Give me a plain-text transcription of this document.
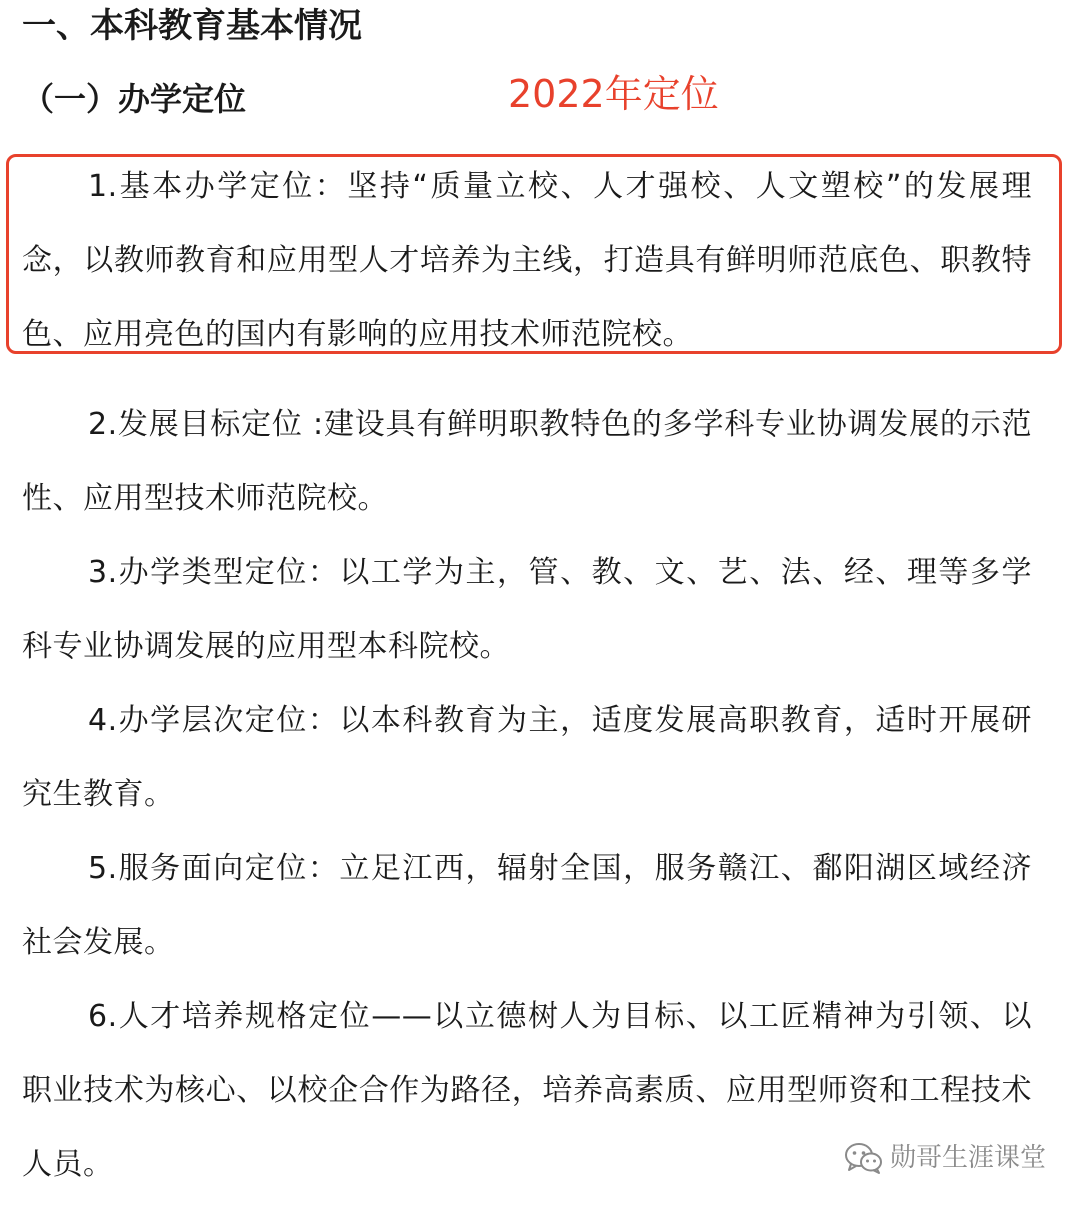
一、本科教育基本情况
（一）办学定位	2022年定位

1.基本办学定位：坚持“质量立校、人才强校、人文塑校”的发展理念，以教师教育和应用型人才培养为主线，打造具有鲜明师范底色、职教特色、应用亮色的国内有影响的应用技术师范院校。

2.发展目标定位 :建设具有鲜明职教特色的多学科专业协调发展的示范性、应用型技术师范院校。

3.办学类型定位：以工学为主，管、教、文、艺、法、经、理等多学科专业协调发展的应用型本科院校。

4.办学层次定位：以本科教育为主，适度发展高职教育，适时开展研究生教育。

5.服务面向定位：立足江西，辐射全国，服务赣江、鄱阳湖区域经济社会发展。

6.人才培养规格定位——以立德树人为目标、以工匠精神为引领、以职业技术为核心、以校企合作为路径，培养高素质、应用型师资和工程技术人员。	勋哥生涯课堂
